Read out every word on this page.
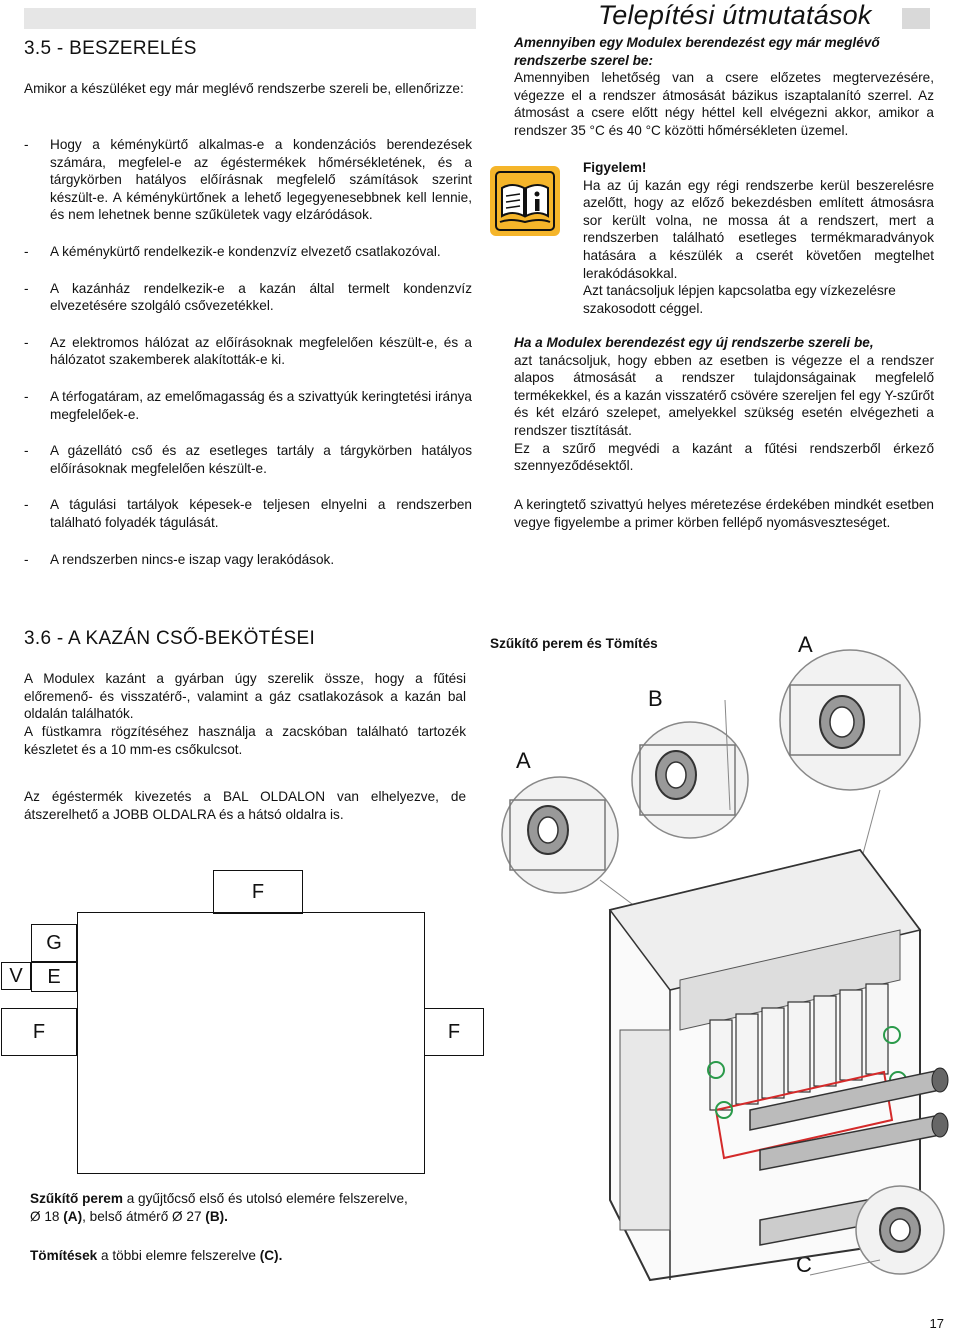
Telepítési útmutatások
3.5 - BESZERELÉS

Amikor a készüléket egy már meglévő rendszerbe szereli be, ellenőrizze:

-	Hogy a kéménykürtő alkalmas-e a kondenzációs berendezések számára, megfelel-e az égéstermékek hőmérsékletének, és a tárgykörben hatályos előírásnak megfelelő számítások szerint készült-e. A kéménykürtőnek a lehető legegyenesebbnek kell lennie, és nem lehetnek benne szűkületek vagy elzáródások.
-	A kéménykürtő rendelkezik-e kondenzvíz elvezető csatlakozóval.
-	A kazánház rendelkezik-e a kazán által termelt kondenzvíz elvezetésére szolgáló csővezetékkel.
-	Az elektromos hálózat az előírásoknak megfelelően készült-e, és a hálózatot szakemberek alakították-e ki.
-	A térfogatáram, az emelőmagasság és a szivattyúk keringtetési iránya megfelelőek-e.
-	A gázellátó cső és az esetleges tartály a tárgykörben hatályos előírásoknak megfelelően készült-e.
-	A tágulási tartályok képesek-e teljesen elnyelni a rendszerben található folyadék tágulását.
-	A rendszerben nincs-e iszap vagy lerakódások.

Amennyiben egy Modulex berendezést egy már meglévő rendszerbe szerel be:

Amennyiben lehetőség van a csere előzetes megtervezésére, végezze el a rendszer átmosását bázikus iszaptalanító szerrel. Az átmosást a csere előtt négy héttel kell elvégezni akkor, amikor a rendszer 35 °C és 40 °C közötti hőmérsékleten üzemel.

Figyelem!

Ha az új kazán egy régi rendszerbe kerül beszerelésre azelőtt, hogy az előző bekezdésben említett átmosásra sor került volna, ne mossa át a rendszert, mert a rendszerben található esetleges termékmaradványok hatására a készülék a cserét követően megtelhet lerakódásokkal.

Azt tanácsoljuk lépjen kapcsolatba egy vízkezelésre szakosodott céggel.

Ha a Modulex berendezést egy új rendszerbe szereli be,

azt tanácsoljuk, hogy ebben az esetben is végezze el a rendszer alapos átmosását a rendszer tulajdonságainak megfelelő termékekkel, és a kazán visszatérő csövére szereljen fel egy Y-szűrőt és két elzáró szelepet, amelyekkel szükség esetén elvégezheti a rendszer tisztítását.

Ez a szűrő megvédi a kazánt a fűtési rendszerből érkező szennyeződésektől.

A keringtető szivattyú helyes méretezése érdekében mindkét esetben vegye figyelembe a primer körben fellépő nyomásveszteséget.

3.6 - A KAZÁN CSŐ-BEKÖTÉSEI

A Modulex kazánt a gyárban úgy szerelik össze, hogy a fűtési előremenő- és visszatérő-, valamint a gáz csatlakozások a kazán bal oldalán találhatók.

A füstkamra rögzítéséhez használja a zacskóban található tartozék készletet és a 10 mm-es csőkulcsot.

Az égéstermék kivezetés a BAL OLDALON van elhelyezve, de átszerelhető a JOBB OLDALRA és a hátsó oldalra is.

F
G
V	E
F	F
Szűkítő perem és Tömítés	A
B
A
C

Szűkítő perem a gyűjtőcső első és utolsó elemére felszerelve,
Ø 18 (A), belső átmérő Ø 27 (B).

Tömítések a többi elemre felszerelve (C).

17
